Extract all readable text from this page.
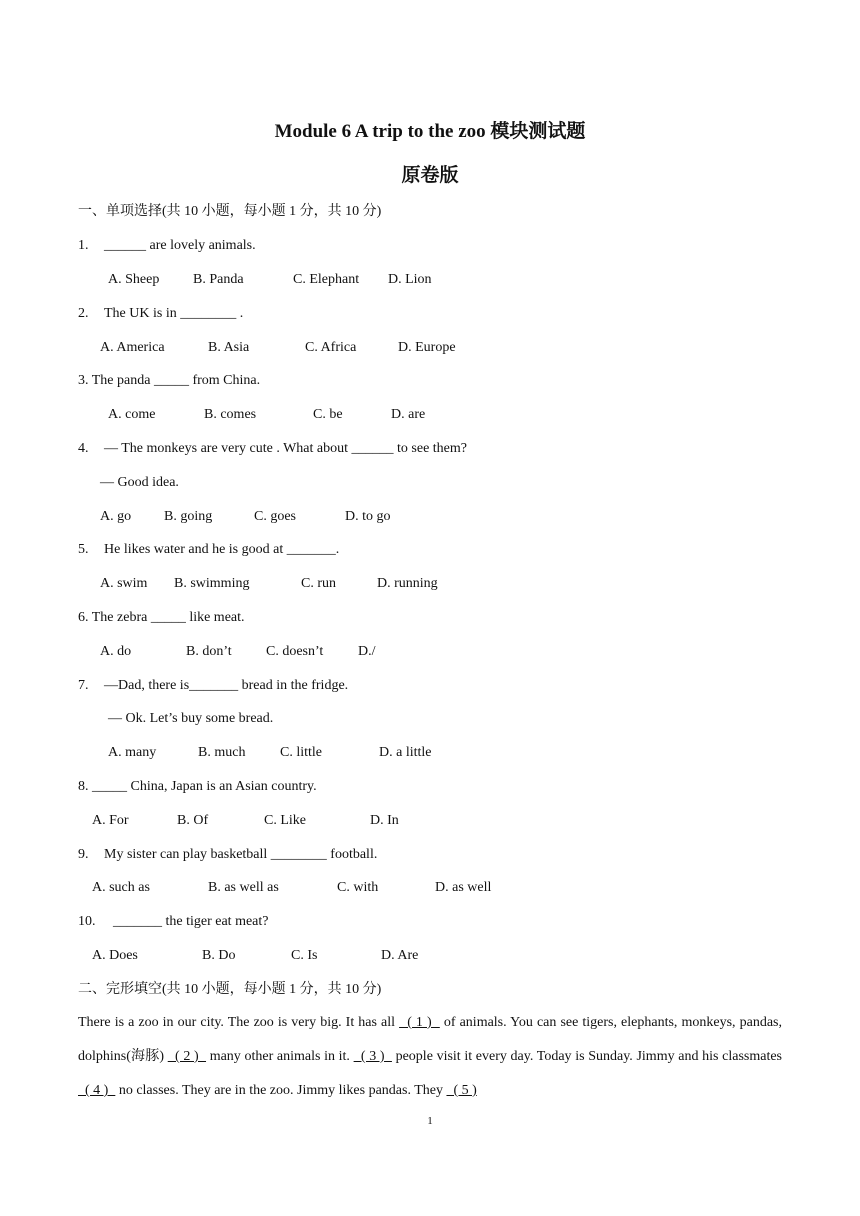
Module 6 A trip to the zoo 模块测试题
原卷版
一、单项选择(共 10 小题，每小题 1 分，共 10 分)
1. ______ are lovely animals.
A. Sheep B. Panda	C. Elephant D. Lion
2. The UK is in ________ .
A. America	B. Asia	C. Africa	D. Europe
3. The panda _____ from China.
A. come	B. comes	C. be	D. are
4. — The monkeys are very cute . What about ______ to see them?
— Good idea.
A. go B. going	C. goes	D. to go
5. He likes water and he is good at _______.
A. swim B. swimming	C. run	D. running
6. The zebra _____ like meat.
A. do	B. don’t C. doesn’t D./
7. —Dad, there is_______ bread in the fridge.
— Ok. Let’s buy some bread.
A. many	B. much C. little	D. a little
8. _____ China, Japan is an Asian country.
A. For	B. Of	C. Like	D. In
9. My sister can play basketball ________ football.
A. such as	B. as well as	C. with	D. as well
10. _______ the tiger eat meat?
A. Does	B. Do	C. Is	D. Are
二、完形填空(共 10 小题，每小题 1 分，共 10 分)
There is a zoo in our city. The zoo is very big. It has all   ( 1 )   of animals. You can see tigers, elephants, monkeys, pandas, dolphins(海豚)   ( 2 )   many other animals in it.   ( 3 )   people visit it every day. Today is Sunday. Jimmy and his classmates   ( 4 )   no classes. They are in the zoo. Jimmy likes pandas. They   ( 5 )
1
